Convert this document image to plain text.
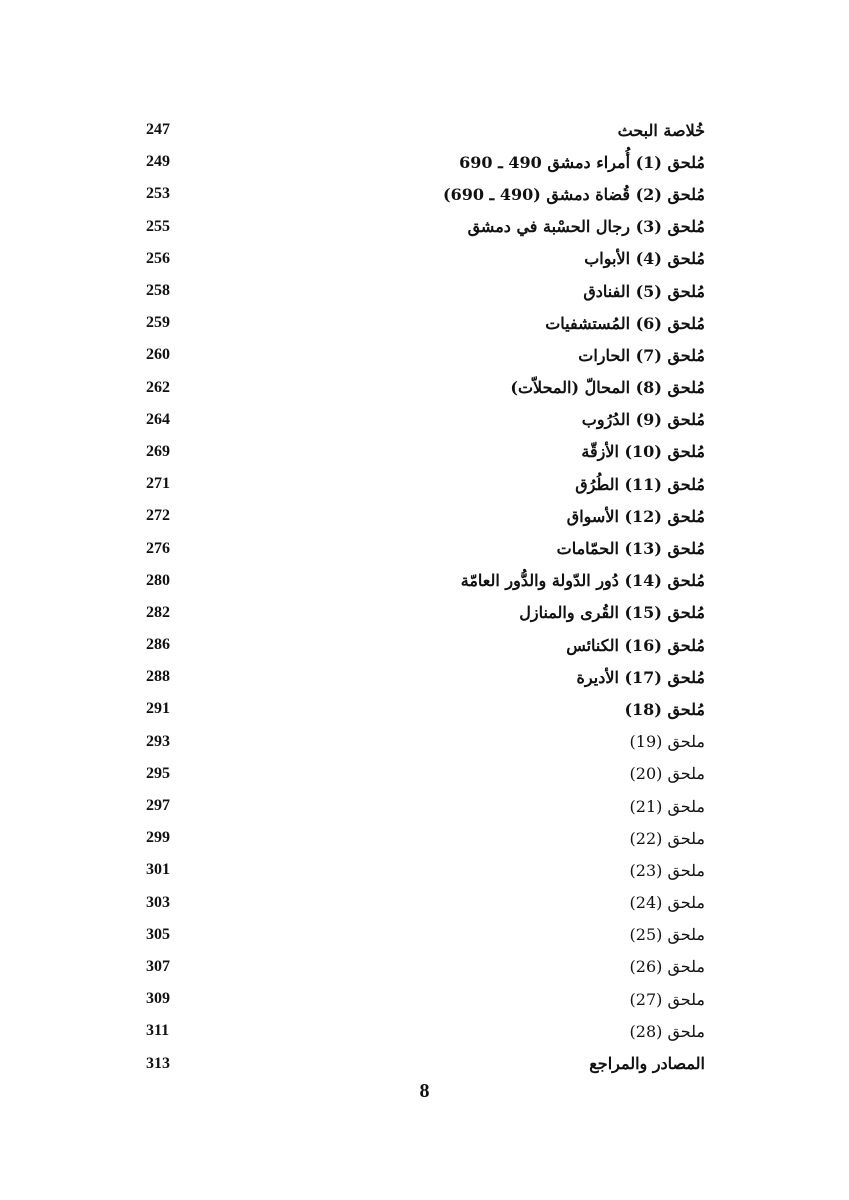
247	خُلاصة البحث
249	مُلحق (1) أُمراء دمشق 490 ـ 690
253	مُلحق (2) قُضاة دمشق (490 ـ 690)
255	مُلحق (3) رجال الحسْبة في دمشق
256	مُلحق (4) الأبواب
258	مُلحق (5) الفنادق
259	مُلحق (6) المُستشفيات
260	مُلحق (7) الحارات
262	مُلحق (8) المحالّ (المحلاّت)
264	مُلحق (9) الدُرُوب
269	مُلحق (10) الأزقّة
271	مُلحق (11) الطُرُق
272	مُلحق (12) الأسواق
276	مُلحق (13) الحمّامات
280	مُلحق (14) دُور الدّولة والدُّور العامّة
282	مُلحق (15) القُرى والمنازل
286	مُلحق (16) الكنائس
288	مُلحق (17) الأديرة
291	مُلحق (18)
293	ملحق (19)
295	ملحق (20)
297	ملحق (21)
299	ملحق (22)
301	ملحق (23)
303	ملحق (24)
305	ملحق (25)
307	ملحق (26)
309	ملحق (27)
311	ملحق (28)
313	المصادر والمراجع
8
